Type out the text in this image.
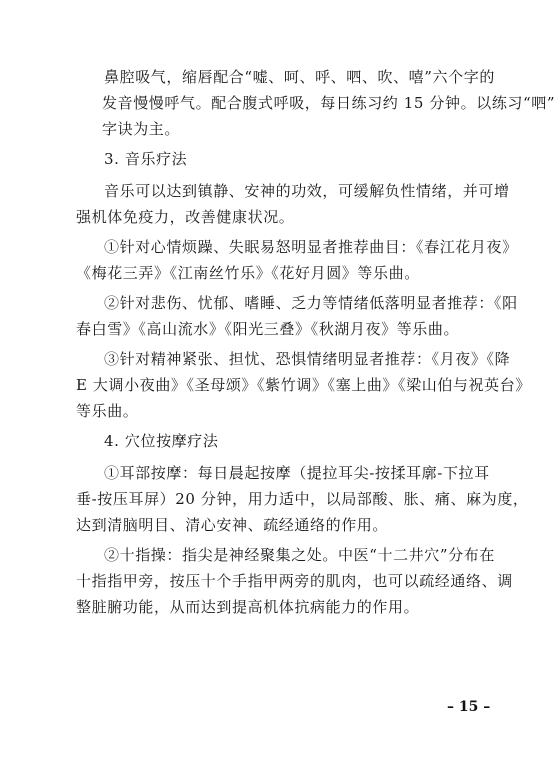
鼻腔吸气，缩唇配合“嘘、呵、呼、呬、吹、嘻”六个字的
发音慢慢呼气。配合腹式呼吸，每日练习约 15 分钟。以练习“呬”
字诀为主。
3. 音乐疗法
音乐可以达到镇静、安神的功效，可缓解负性情绪，并可增
强机体免疫力，改善健康状况。
①针对心情烦躁、失眠易怒明显者推荐曲目：《春江花月夜》
《梅花三弄》《江南丝竹乐》《花好月圆》等乐曲。
②针对悲伤、忧郁、嗜睡、乏力等情绪低落明显者推荐：《阳
春白雪》《高山流水》《阳光三叠》《秋湖月夜》等乐曲。
③针对精神紧张、担忧、恐惧情绪明显者推荐：《月夜》《降
E 大调小夜曲》《圣母颂》《紫竹调》《塞上曲》《梁山伯与祝英台》
等乐曲。
4. 穴位按摩疗法
①耳部按摩：每日晨起按摩（提拉耳尖-按揉耳廓-下拉耳
垂-按压耳屏）20 分钟，用力适中，以局部酸、胀、痛、麻为度，
达到清脑明目、清心安神、疏经通络的作用。
②十指操：指尖是神经聚集之处。中医“十二井穴”分布在
十指指甲旁，按压十个手指甲两旁的肌肉，也可以疏经通络、调
整脏腑功能，从而达到提高机体抗病能力的作用。
– 15 –
